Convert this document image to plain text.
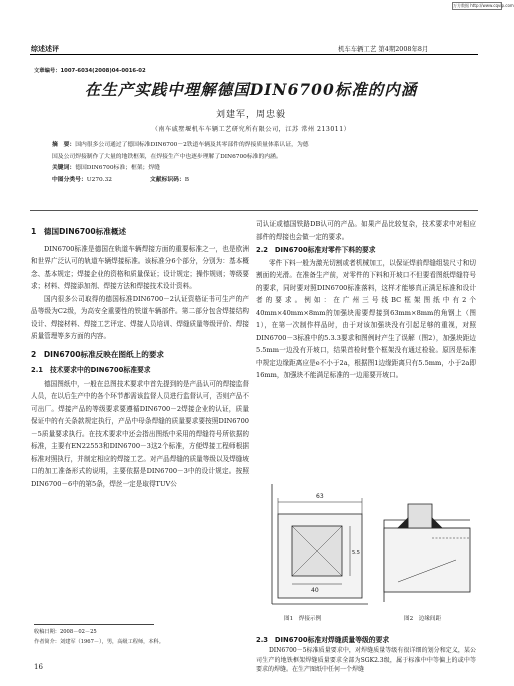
万方数据 http://www.cqvip.com
综述述评	机车车辆工艺 第4期2008年8月
文章编号：1007-6034(2008)04-0016-02
在生产实践中理解德国DIN6700标准的内涵
刘建军，周忠毅
（南车戚墅堰机车车辆工艺研究所有限公司，江苏 常州 213011）
摘　要：国内很多公司通过了德国标准DIN6700－2铁道车辆及其零部件的焊接质量体系认证，为德
国及公司焊接制作了大量的地铁框架，在焊接生产中也逐步理解了DIN6700标准的内涵。
关键词：德国DIN6700标准；框架；焊缝
中图分类号：U270.32	文献标识码：B
1　德国DIN6700标准概述

DIN6700标准是德国在轨道车辆焊接方面的重要标准之一，也是欧洲和世界广泛认可的轨道车辆焊接标准。该标准分6个部分，分别为：基本概念、基本规定；焊接企业的资格和质量保证；设计规定；操作规则；等级要求；材料、焊接添加剂、焊接方法和焊接技术设计资料。

国内很多公司取得的德国标准DIN6700－2认证资格证书可生产的产品等级为C2级，为高安全重要性的铁道车辆部件。第二部分包含焊接结构设计、焊接材料、焊接工艺评定、焊接人员培训、焊缝质量等级评价、焊接质量管理等多方面的内容。

2　DIN6700标准反映在图纸上的要求
2.1　技术要求中的DIN6700标准要求

德国图纸中，一般在总图技术要求中首先提到的是产品认可的焊接监督人员，在以后生产中的各个环节都需该监督人员进行监督认可，否则产品不可出厂。焊接产品的等级要求要遵循DIN6700－2焊接企业的认证，质量保证中的有关条款规定执行，产品中母条焊缝的质量要求要按照DIN6700－5质量要求执行。在技术要求中还会指出图纸中采用的焊缝符号所依据的标准，主要有EN22553和DIN6700－3这2个标准，方便焊接工程师根据标准对照执行，并制定相应的焊接工艺。对产品焊缝的质量等级以及焊缝坡口的加工准备形式的说明，主要依据是DIN6700－3中的设计规定。按照DIN6700－6中的第5条，焊丝一定是取得TUV公

司认证或德国铁路DB认可的产品。如果产品比较复杂，技术要求中对相应部件的焊接也会做一定的要求。

2.2　DIN6700标准对零件下料的要求

零件下料一般为激光切割或者机械加工，以保证焊前焊缝组装尺寸和切割面的光滑。在准备生产前，对零件的下料和开坡口不但要看图纸焊缝符号的要求，同时要对照DIN6700标准落料，这样才能够真正满足标准和设计者的要求。例如：在广州三号线BC框架图纸中有2个40mm×40mm×8mm的加强块需要焊接到63mm×8mm的角钢上（图1），在第一次制作样品时，由于对该加强块没有引起足够的重视，对照DIN6700－3标准中的5.3.3要求和图例时产生了误解（图2），加强块距边5.5mm一边没有开坡口，结果首检时整个框架没有通过检验。原因是标准中规定边缘距离应是e不小于2a，根据图1边缘距离只有5.5mm，小于2a即16mm，加强块不能满足标准的一边需要开坡口。

63
40
5.5
图1　焊接示例	图2　边缘间距
2.3　DIN6700标准对焊缝质量等级的要求

DIN6700－5标准质量要求中，对焊缝质量等级有很详细的划分和定义，某公司生产的地铁框架焊缝质量要求全部为SGK2.3级，属于标准中中等偏上的或中等要求的焊缝。在生产图纸中任何一个焊缝

收稿日期：2008－02－25
作者简介：刘建军（1967－），男，高级工程师，本科。
16
